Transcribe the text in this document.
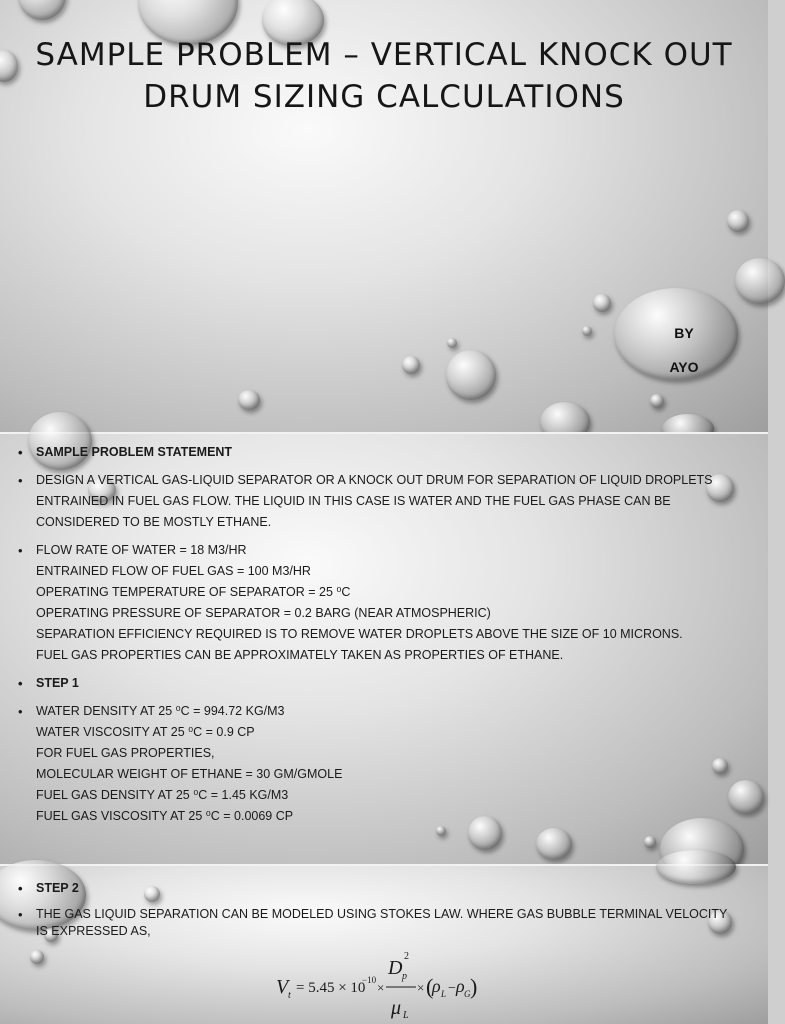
SAMPLE PROBLEM – VERTICAL KNOCK OUT
DRUM SIZING CALCULATIONS
BY
AYO
• SAMPLE PROBLEM STATEMENT
• DESIGN A VERTICAL GAS-LIQUID SEPARATOR OR A KNOCK OUT DRUM FOR SEPARATION OF LIQUID DROPLETS ENTRAINED IN FUEL GAS FLOW. THE LIQUID IN THIS CASE IS WATER AND THE FUEL GAS PHASE CAN BE CONSIDERED TO BE MOSTLY ETHANE.
• FLOW RATE OF WATER = 18 M3/HR
ENTRAINED FLOW OF FUEL GAS = 100 M3/HR
OPERATING TEMPERATURE OF SEPARATOR = 25 ⁰C
OPERATING PRESSURE OF SEPARATOR = 0.2 BARG (NEAR ATMOSPHERIC)
SEPARATION EFFICIENCY REQUIRED IS TO REMOVE WATER DROPLETS ABOVE THE SIZE OF 10 MICRONS.
FUEL GAS PROPERTIES CAN BE APPROXIMATELY TAKEN AS PROPERTIES OF ETHANE.
• STEP 1
• WATER DENSITY AT 25 ⁰C = 994.72 KG/M3
WATER VISCOSITY AT 25 ⁰C = 0.9 CP
FOR FUEL GAS PROPERTIES,
MOLECULAR WEIGHT OF ETHANE = 30 GM/GMOLE
FUEL GAS DENSITY AT 25 ⁰C = 1.45 KG/M3
FUEL GAS VISCOSITY AT 25 ⁰C = 0.0069 CP
• STEP 2
• THE GAS LIQUID SEPARATION CAN BE MODELED USING STOKES LAW. WHERE GAS BUBBLE TERMINAL VELOCITY IS EXPRESSED AS,
V t = 5.45 × 10
−10 ×
D p
2
μ L
× (
ρ L − ρ G )
